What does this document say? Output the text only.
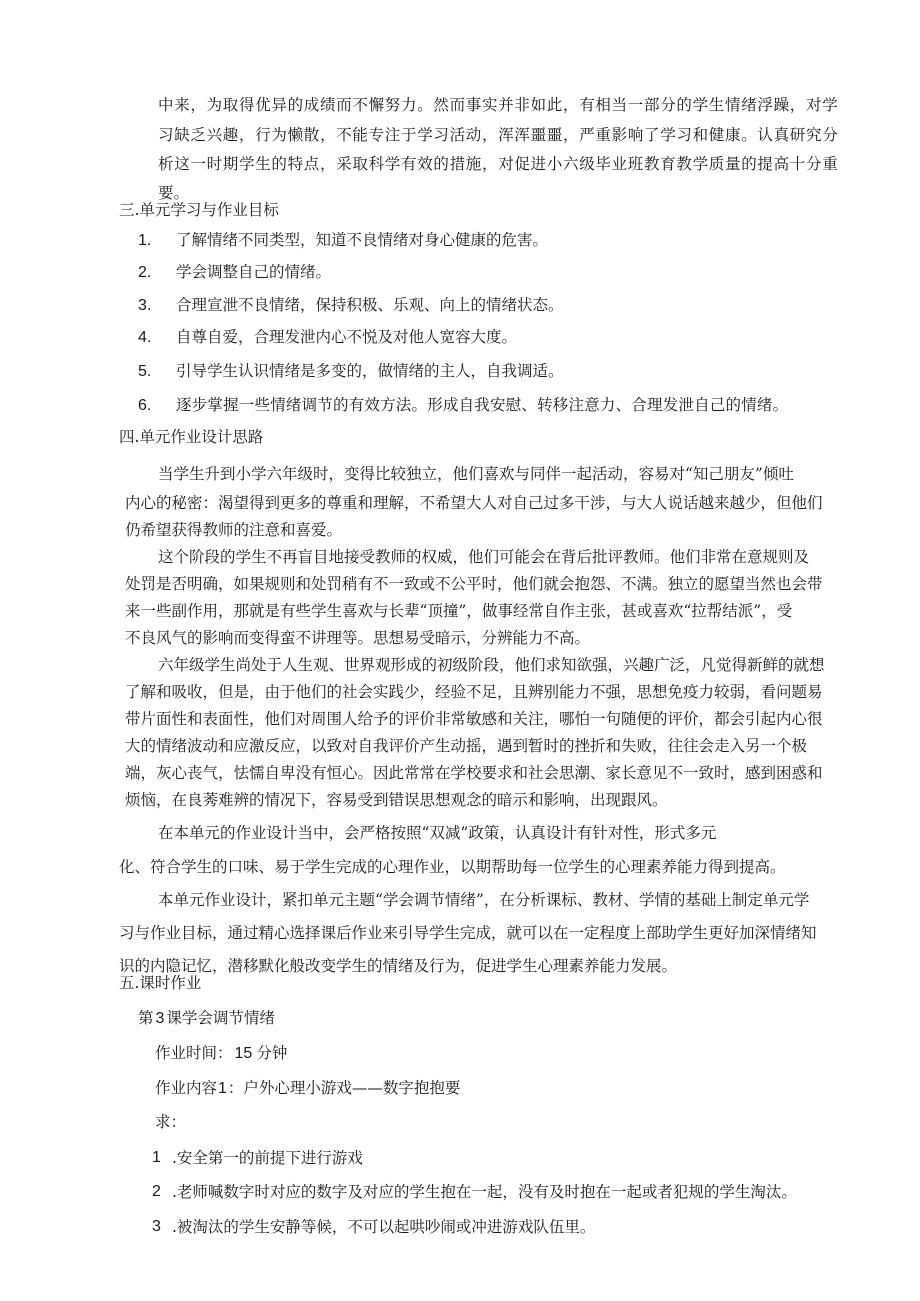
中来，为取得优异的成绩而不懈努力。然而事实并非如此，有相当一部分的学生情绪浮躁，对学

习缺乏兴趣，行为懒散，不能专注于学习活动，浑浑噩噩，严重影响了学习和健康。认真研究分

析这一时期学生的特点，采取科学有效的措施，对促进小六级毕业班教育教学质量的提高十分重

要。

三.单元学习与作业目标

1. 了解情绪不同类型，知道不良情绪对身心健康的危害。

2. 学会调整自己的情绪。

3. 合理宣泄不良情绪，保持积极、乐观、向上的情绪状态。

4. 自尊自爱，合理发泄内心不悦及对他人宽容大度。

5. 引导学生认识情绪是多变的，做情绪的主人，自我调适。

6. 逐步掌握一些情绪调节的有效方法。形成自我安慰、转移注意力、合理发泄自己的情绪。

四.单元作业设计思路

当学生升到小学六年级时，变得比较独立，他们喜欢与同伴一起活动，容易对“知己朋友”倾吐

内心的秘密：渴望得到更多的尊重和理解，不希望大人对自己过多干涉，与大人说话越来越少，但他们

仍希望获得教师的注意和喜爱。

这个阶段的学生不再盲目地接受教师的权威，他们可能会在背后批评教师。他们非常在意规则及

处罚是否明确，如果规则和处罚稍有不一致或不公平时，他们就会抱怨、不满。独立的愿望当然也会带

来一些副作用，那就是有些学生喜欢与长辈“顶撞”，做事经常自作主张，甚或喜欢“拉帮结派”，受

不良风气的影响而变得蛮不讲理等。思想易受暗示，分辨能力不高。

六年级学生尚处于人生观、世界观形成的初级阶段，他们求知欲强，兴趣广泛，凡觉得新鲜的就想

了解和吸收，但是，由于他们的社会实践少，经验不足，且辨别能力不强，思想免疫力较弱，看问题易

带片面性和表面性，他们对周围人给予的评价非常敏感和关注，哪怕一句随便的评价，都会引起内心很

大的情绪波动和应激反应，以致对自我评价产生动摇，遇到暂时的挫折和失败，往往会走入另一个极

端，灰心丧气，怯懦自卑没有恒心。因此常常在学校要求和社会思潮、家长意见不一致时，感到困惑和

烦恼，在良莠难辨的情况下，容易受到错误思想观念的暗示和影响，出现跟风。

在本单元的作业设计当中，会严格按照“双减”政策，认真设计有针对性，形式多元

化、符合学生的口味、易于学生完成的心理作业，以期帮助每一位学生的心理素养能力得到提高。

本单元作业设计，紧扣单元主题“学会调节情绪”，在分析课标、教材、学情的基础上制定单元学

习与作业目标，通过精心选择课后作业来引导学生完成，就可以在一定程度上部助学生更好加深情绪知

识的内隐记忆，潜移默化般改变学生的情绪及行为，促进学生心理素养能力发展。

五.课时作业

第 3 课学会调节情绪

作业时间： 15 分钟

作业内容1：户外心理小游戏——数字抱抱要

求：

1 .安全第一的前提下进行游戏

2 .老师喊数字时对应的数字及对应的学生抱在一起，没有及时抱在一起或者犯规的学生淘汰。

3 .被淘汰的学生安静等候，不可以起哄吵闹或冲进游戏队伍里。
